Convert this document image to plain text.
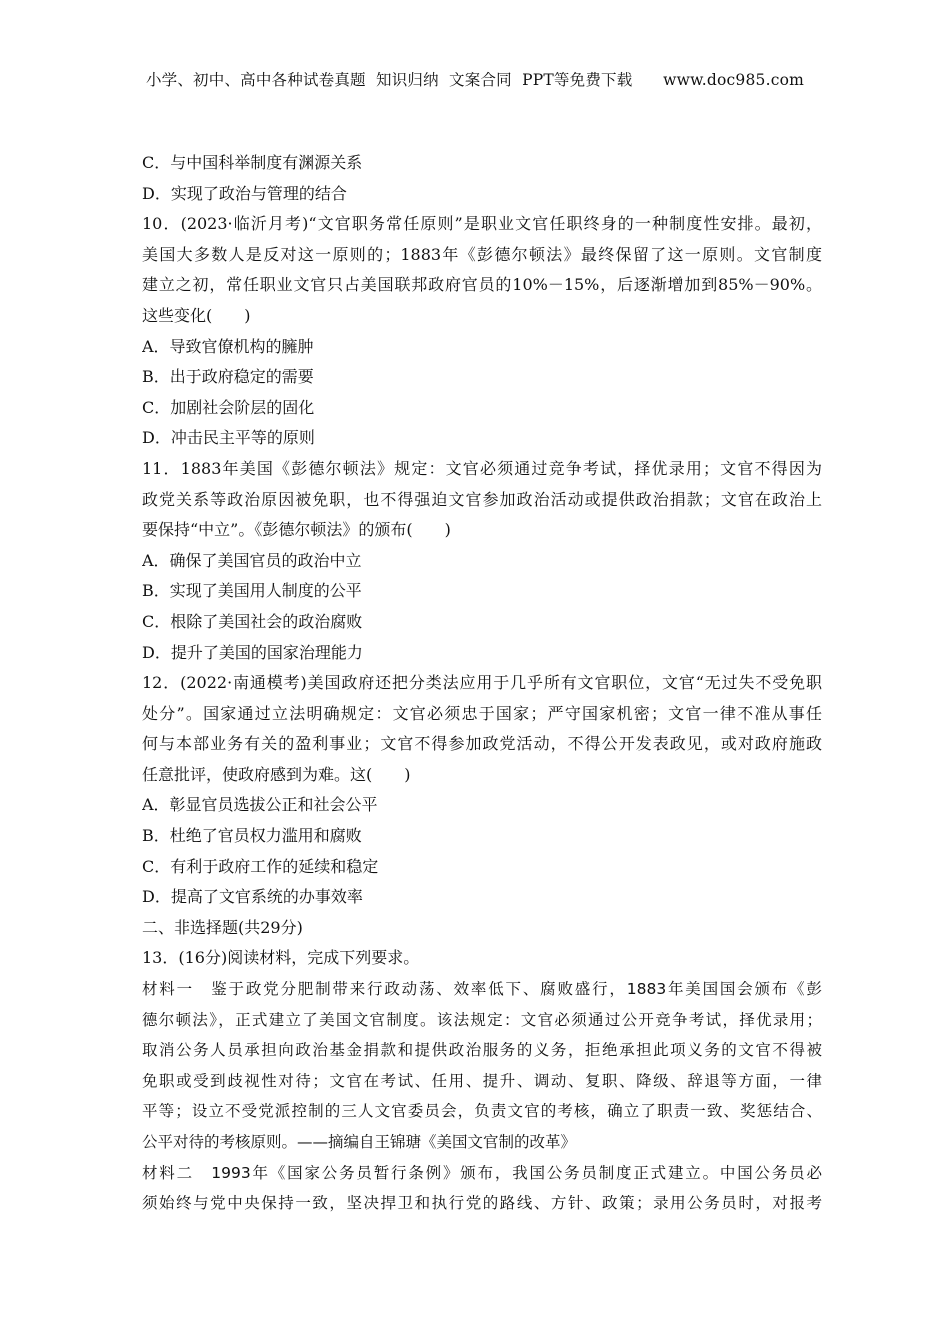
小学、初中、高中各种试卷真题  知识归纳  文案合同  PPT等免费下载      www.doc985.com
C．与中国科举制度有渊源关系
D．实现了政治与管理的结合
10．(2023·临沂月考)“文官职务常任原则”是职业文官任职终身的一种制度性安排。最初，
美国大多数人是反对这一原则的；1883年《彭德尔顿法》最终保留了这一原则。文官制度
建立之初，常任职业文官只占美国联邦政府官员的10%－15%，后逐渐增加到85%－90%。
这些变化(　　)
A．导致官僚机构的臃肿
B．出于政府稳定的需要
C．加剧社会阶层的固化
D．冲击民主平等的原则
11．1883年美国《彭德尔顿法》规定：文官必须通过竞争考试，择优录用；文官不得因为
政党关系等政治原因被免职，也不得强迫文官参加政治活动或提供政治捐款；文官在政治上
要保持“中立”。《彭德尔顿法》的颁布(　　)
A．确保了美国官员的政治中立
B．实现了美国用人制度的公平
C．根除了美国社会的政治腐败
D．提升了美国的国家治理能力
12．(2022·南通模考)美国政府还把分类法应用于几乎所有文官职位，文官“无过失不受免职
处分”。国家通过立法明确规定：文官必须忠于国家；严守国家机密；文官一律不准从事任
何与本部业务有关的盈利事业；文官不得参加政党活动，不得公开发表政见，或对政府施政
任意批评，使政府感到为难。这(　　)
A．彰显官员选拔公正和社会公平
B．杜绝了官员权力滥用和腐败
C．有利于政府工作的延续和稳定
D．提高了文官系统的办事效率
二、非选择题(共29分)
13．(16分)阅读材料，完成下列要求。
材料一　鉴于政党分肥制带来行政动荡、效率低下、腐败盛行，1883年美国国会颁布《彭
德尔顿法》，正式建立了美国文官制度。该法规定：文官必须通过公开竞争考试，择优录用；
取消公务人员承担向政治基金捐款和提供政治服务的义务，拒绝承担此项义务的文官不得被
免职或受到歧视性对待；文官在考试、任用、提升、调动、复职、降级、辞退等方面，一律
平等；设立不受党派控制的三人文官委员会，负责文官的考核，确立了职责一致、奖惩结合、
公平对待的考核原则。——摘编自王锦瑭《美国文官制的改革》
材料二　1993年《国家公务员暂行条例》颁布，我国公务员制度正式建立。中国公务员必
须始终与党中央保持一致，坚决捍卫和执行党的路线、方针、政策；录用公务员时，对报考
